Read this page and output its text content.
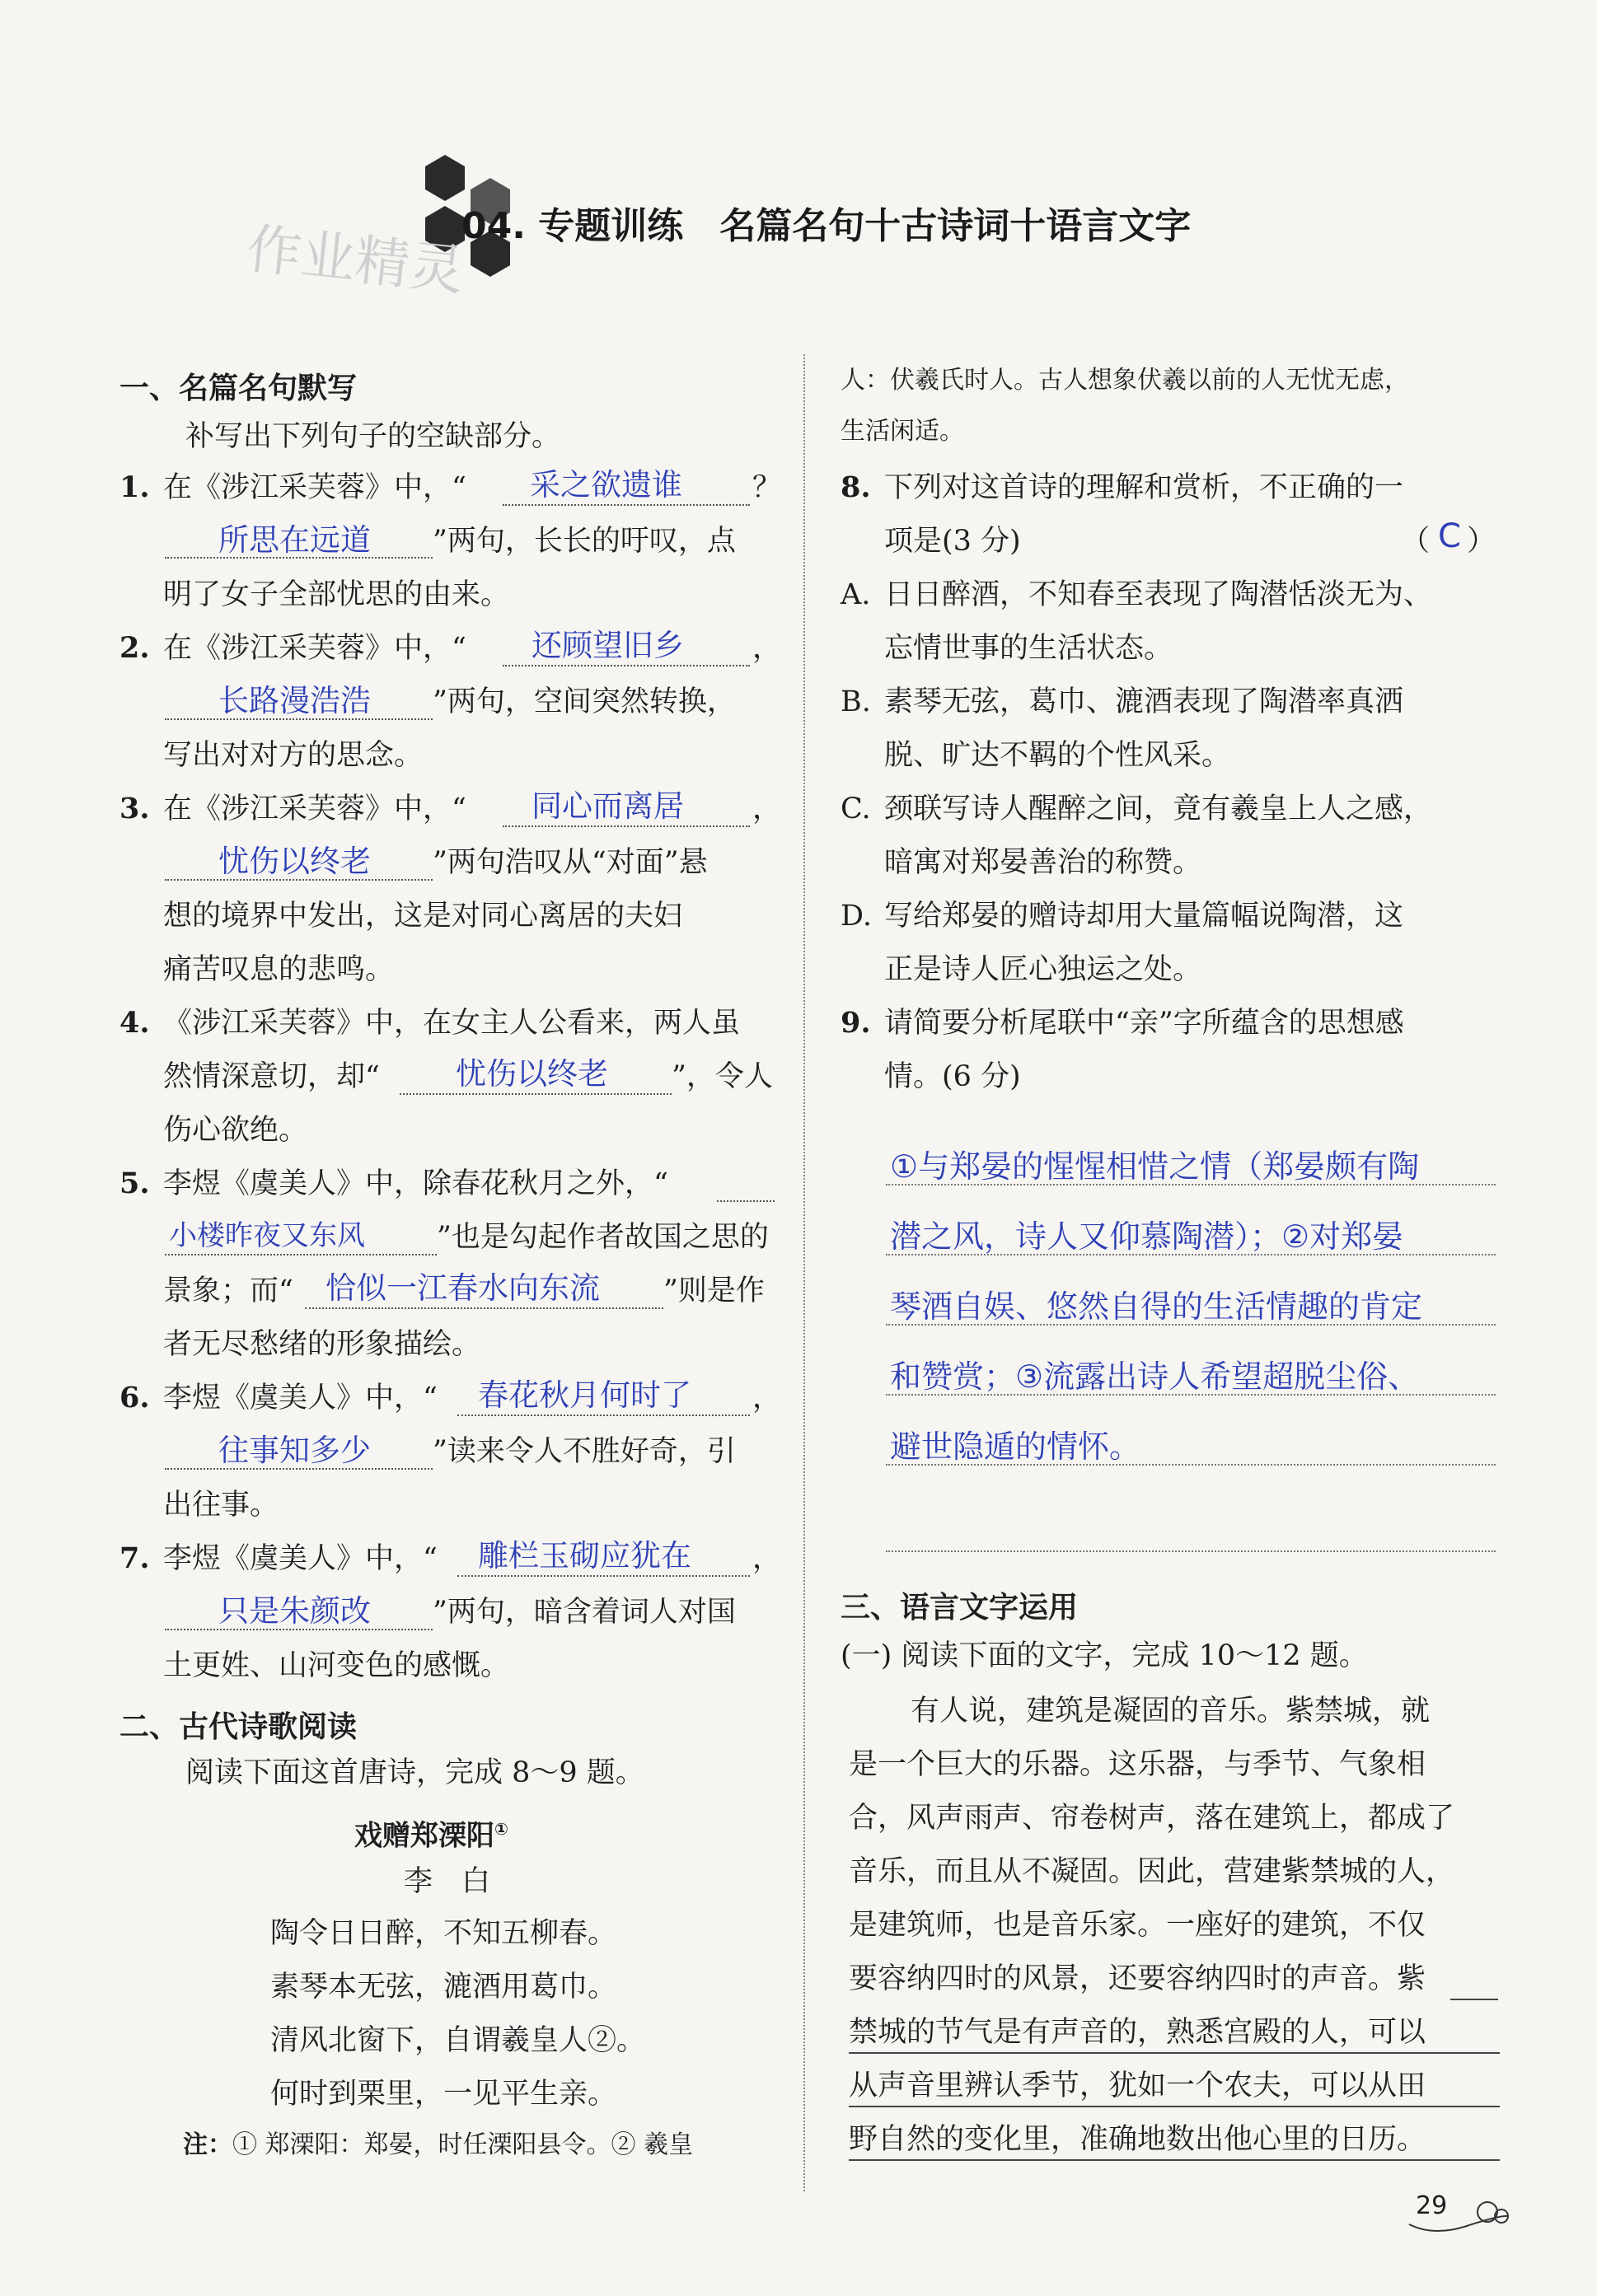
作业精灵
04. 专题训练　名篇名句十古诗词十语言文字
一、名篇名句默写
补写出下列句子的空缺部分。
1. 在《涉江采芙蓉》中，“ 采之欲遗谁 ？
所思在远道 ”两句，长长的吁叹，点
明了女子全部忧思的由来。
2. 在《涉江采芙蓉》中，“ 还顾望旧乡 ，
长路漫浩浩 ”两句，空间突然转换，
写出对对方的思念。
3. 在《涉江采芙蓉》中，“ 同心而离居 ，
忧伤以终老 ”两句浩叹从“对面”悬
想的境界中发出，这是对同心离居的夫妇
痛苦叹息的悲鸣。
4. 《涉江采芙蓉》中，在女主人公看来，两人虽
然情深意切，却“ 忧伤以终老 ”，令人
伤心欲绝。
5. 李煜《虞美人》中，除春花秋月之外，“
小楼昨夜又东风 ”也是勾起作者故国之思的
景象；而“ 恰似一江春水向东流 ”则是作
者无尽愁绪的形象描绘。
6. 李煜《虞美人》中，“ 春花秋月何时了 ，
往事知多少 ”读来令人不胜好奇，引
出往事。
7. 李煜《虞美人》中，“ 雕栏玉砌应犹在 ，
只是朱颜改 ”两句，暗含着词人对国
土更姓、山河变色的感慨。
二、古代诗歌阅读
阅读下面这首唐诗，完成 8～9 题。
戏赠郑溧阳①
李　白
陶令日日醉，不知五柳春。
素琴本无弦，漉酒用葛巾。
清风北窗下，自谓羲皇人②。
何时到栗里，一见平生亲。
注：① 郑溧阳：郑晏，时任溧阳县令。② 羲皇
人：伏羲氏时人。古人想象伏羲以前的人无忧无虑，
生活闲适。
8. 下列对这首诗的理解和赏析，不正确的一
项是(3 分)	（ C ）
A. 日日醉酒，不知春至表现了陶潜恬淡无为、
忘情世事的生活状态。
B. 素琴无弦，葛巾、漉酒表现了陶潜率真洒
脱、旷达不羁的个性风采。
C. 颈联写诗人醒醉之间，竟有羲皇上人之感，
暗寓对郑晏善治的称赞。
D. 写给郑晏的赠诗却用大量篇幅说陶潜，这
正是诗人匠心独运之处。
9. 请简要分析尾联中“亲”字所蕴含的思想感
情。(6 分)
①与郑晏的惺惺相惜之情（郑晏颇有陶
潜之风，诗人又仰慕陶潜）；②对郑晏
琴酒自娱、悠然自得的生活情趣的肯定
和赞赏；③流露出诗人希望超脱尘俗、
避世隐遁的情怀。
三、语言文字运用
(一) 阅读下面的文字，完成 10～12 题。
有人说，建筑是凝固的音乐。紫禁城，就
是一个巨大的乐器。这乐器，与季节、气象相
合，风声雨声、帘卷树声，落在建筑上，都成了
音乐，而且从不凝固。因此，营建紫禁城的人，
是建筑师，也是音乐家。一座好的建筑，不仅
要容纳四时的风景，还要容纳四时的声音。紫
禁城的节气是有声音的，熟悉宫殿的人，可以
从声音里辨认季节，犹如一个农夫，可以从田
野自然的变化里，准确地数出他心里的日历。
29
